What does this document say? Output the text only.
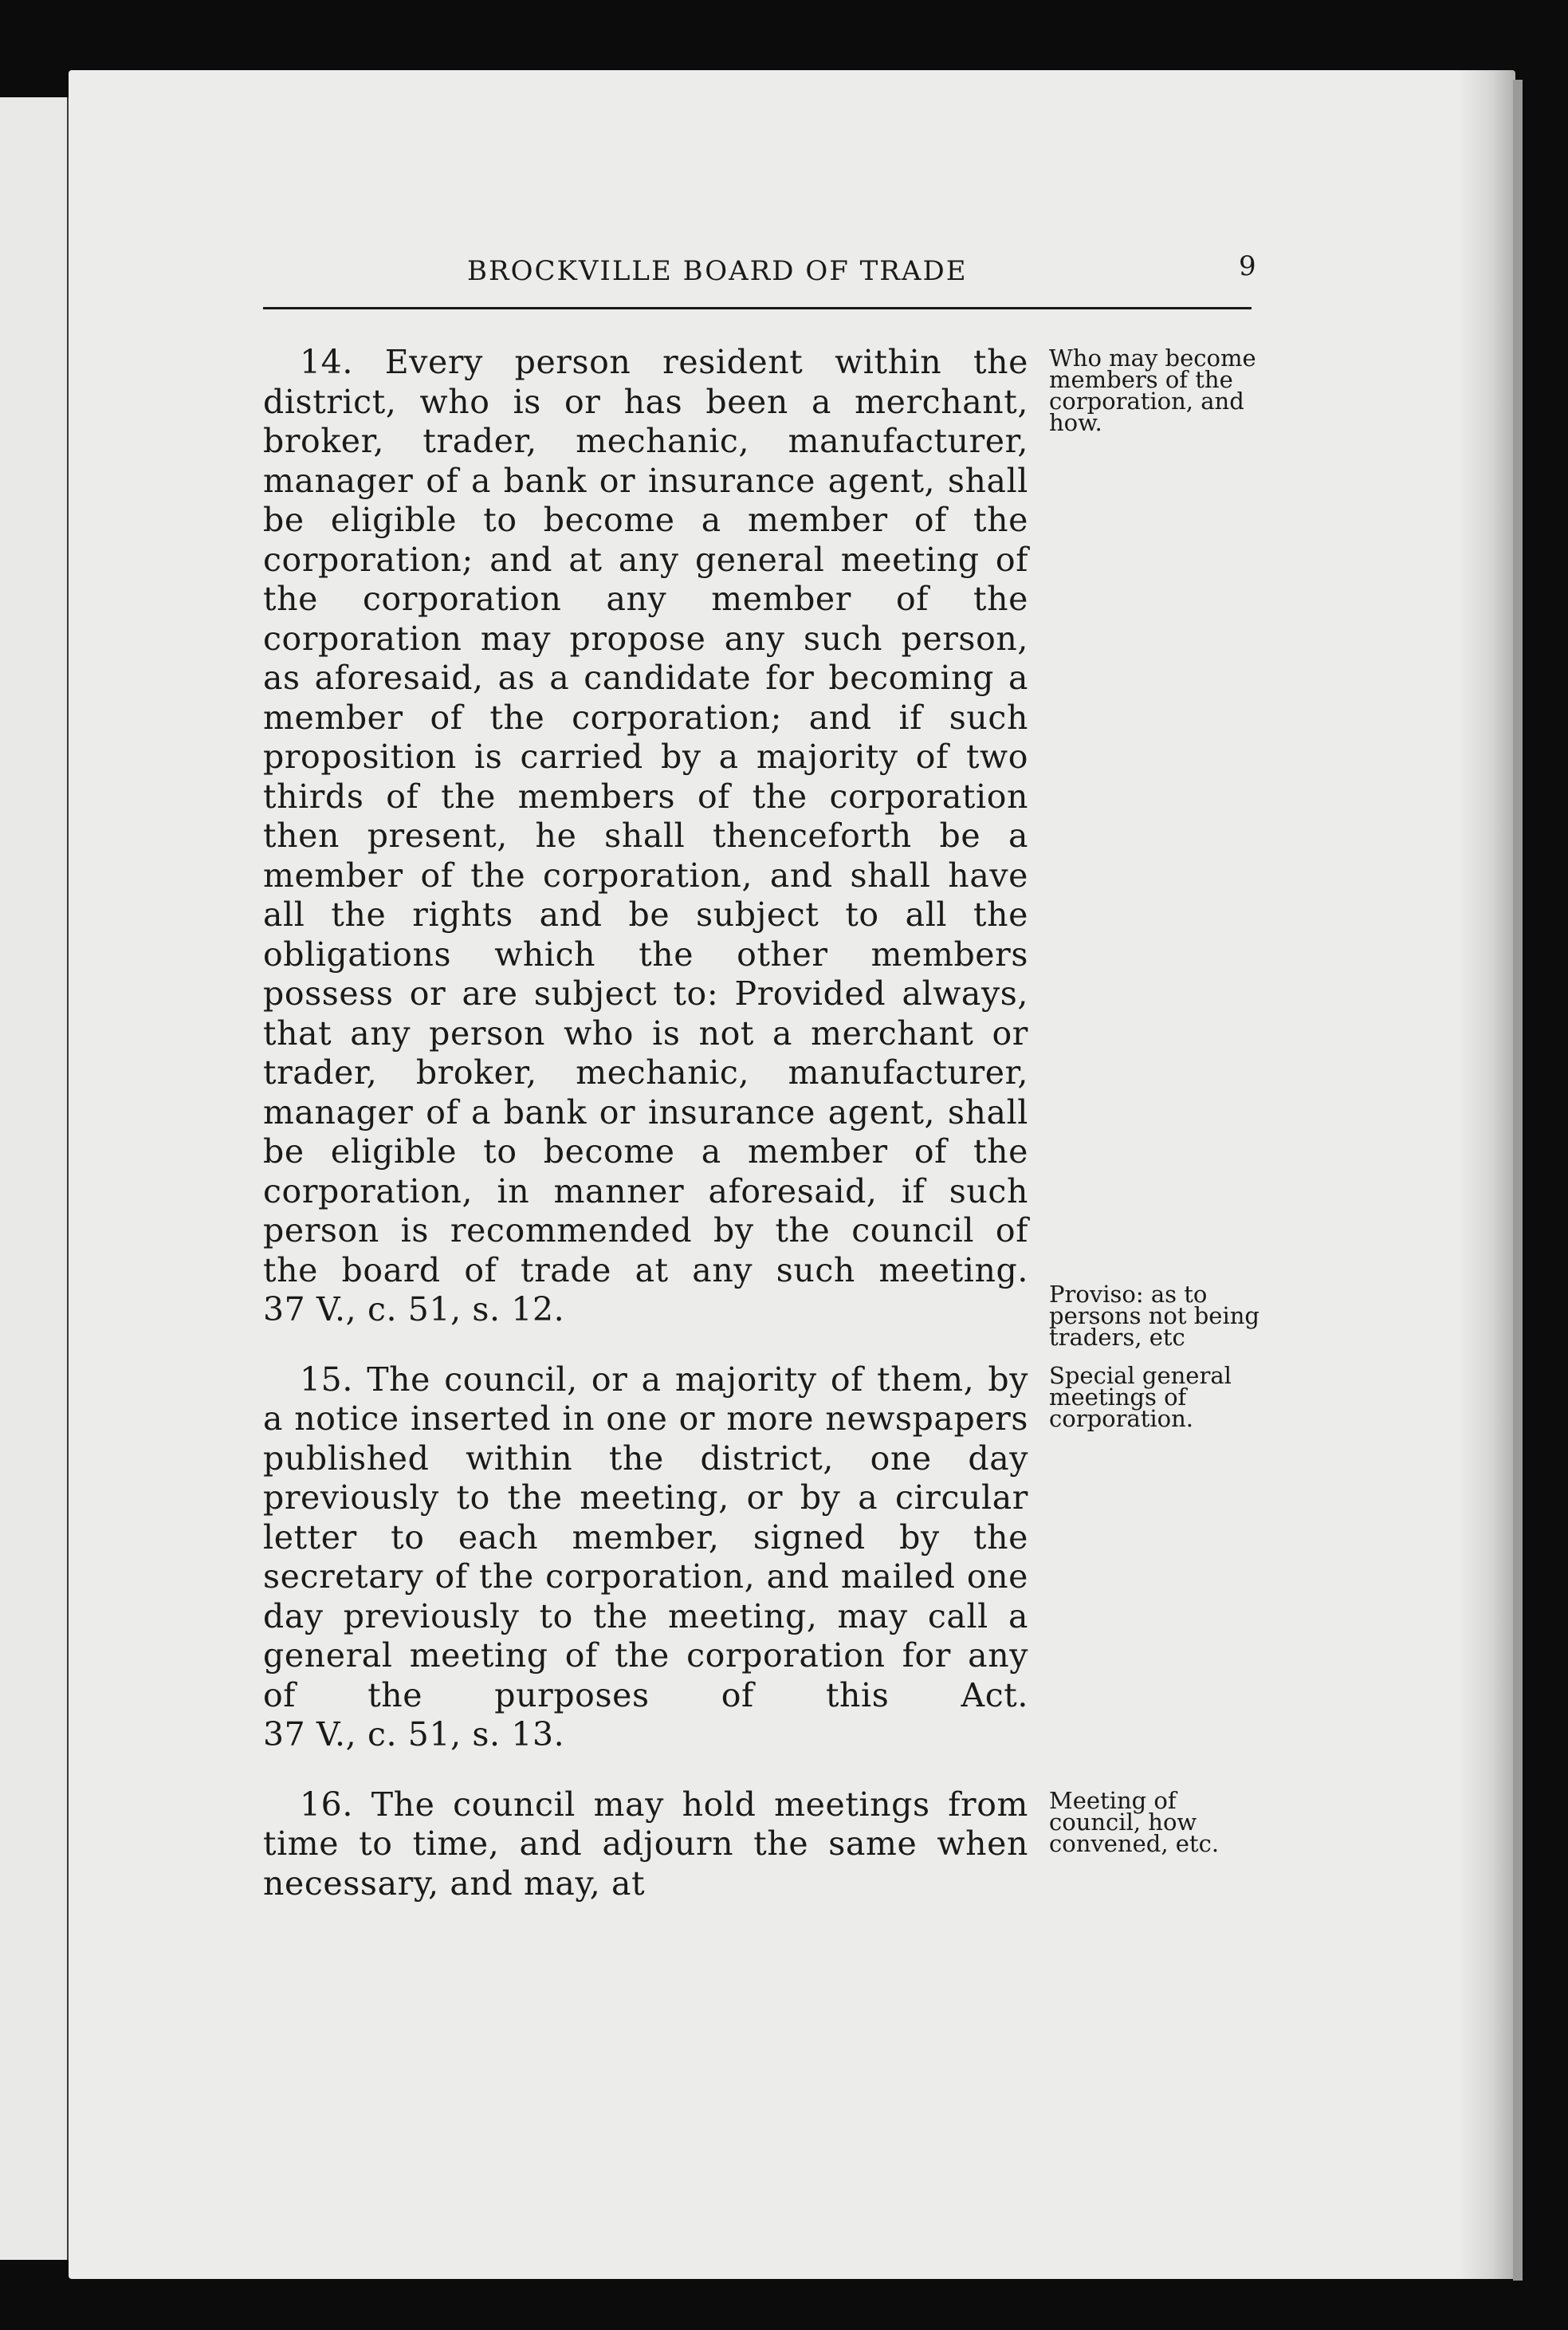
BROCKVILLE BOARD OF TRADE	9

14. Every person resident within the district, who is or has been a merchant, broker, trader, mechanic, manufacturer, manager of a bank or insurance agent, shall be eligible to become a member of the corporation; and at any general meeting of the corporation any member of the corporation may propose any such person, as aforesaid, as a candidate for becoming a member of the corporation; and if such proposition is carried by a majority of two thirds of the members of the corporation then present, he shall thenceforth be a member of the corporation, and shall have all the rights and be subject to all the obligations which the other members possess or are subject to: Provided always, that any person who is not a merchant or trader, broker, mechanic, manufacturer, manager of a bank or insurance agent, shall be eligible to become a member of the corporation, in manner aforesaid, if such person is recommended by the council of the board of trade at any such meeting. 37 V., c. 51, s. 12.

Who may become members of the corporation, and how.

Proviso: as to persons not being traders, etc

15. The council, or a majority of them, by a notice inserted in one or more newspapers published within the district, one day previously to the meeting, or by a circular letter to each member, signed by the secretary of the corporation, and mailed one day previously to the meeting, may call a general meeting of the corporation for any of the purposes of this Act. 37 V., c. 51, s. 13.

Special general meetings of corporation.

16. The council may hold meetings from time to time, and adjourn the same when necessary, and may, at

Meeting of council, how convened, etc.
